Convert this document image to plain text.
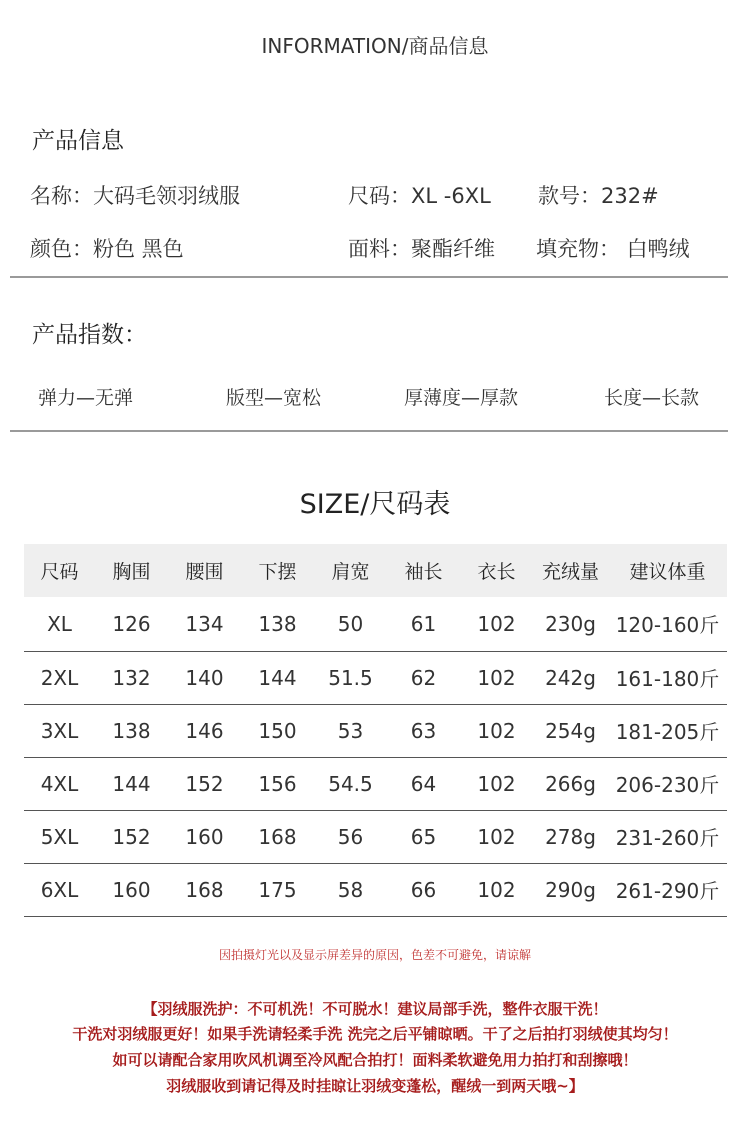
INFORMATION/商品信息
产品信息
名称：大码毛领羽绒服	尺码：XL -6XL 款号：232#
颜色：粉色 黑色	面料：聚酯纤维 填充物： 白鸭绒
产品指数：
弹力—无弹	版型—宽松	厚薄度—厚款	长度—长款
SIZE/尺码表
尺码	胸围	腰围	下摆	肩宽	袖长	衣长	充绒量	建议体重
XL	126	134	138	50	61	102	230g	120-160斤
2XL	132	140	144	51.5	62	102	242g	161-180斤
3XL	138	146	150	53	63	102	254g	181-205斤
4XL	144	152	156	54.5	64	102	266g	206-230斤
5XL	152	160	168	56	65	102	278g	231-260斤
6XL	160	168	175	58	66	102	290g	261-290斤
因拍摄灯光以及显示屏差异的原因，色差不可避免，请谅解
【羽绒服洗护：不可机洗！不可脱水！建议局部手洗，整件衣服干洗！
干洗对羽绒服更好！如果手洗请轻柔手洗 洗完之后平铺晾晒。干了之后拍打羽绒使其均匀！
如可以请配合家用吹风机调至冷风配合拍打！面料柔软避免用力拍打和刮擦哦！
羽绒服收到请记得及时挂晾让羽绒变蓬松，醒绒一到两天哦~】
